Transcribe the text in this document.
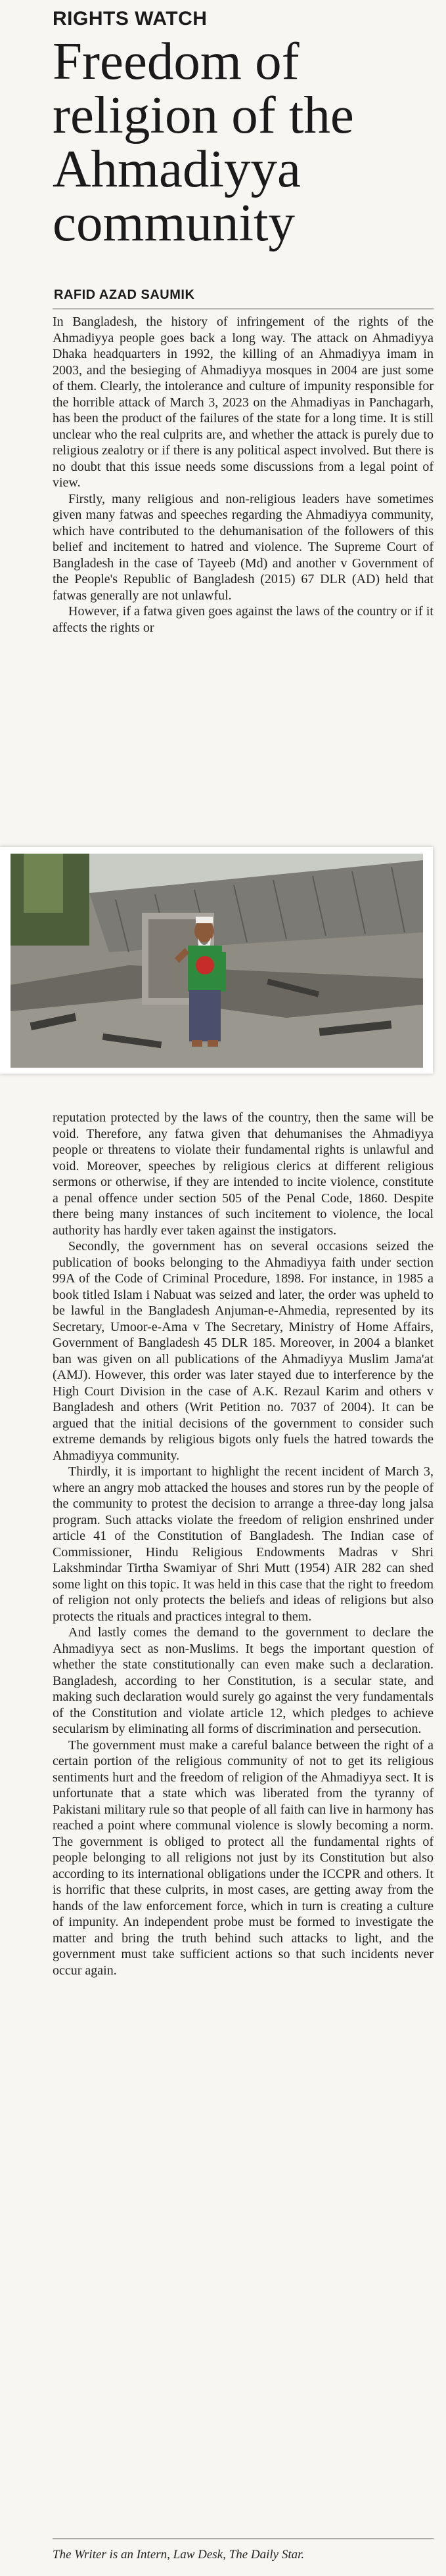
RIGHTS WATCH
Freedom of religion of the Ahmadiyya community
RAFID AZAD SAUMIK

In Bangladesh, the history of infringement of the rights of the Ahmadiyya people goes back a long way. The attack on Ahmadiyya Dhaka headquarters in 1992, the killing of an Ahmadiyya imam in 2003, and the besieging of Ahmadiyya mosques in 2004 are just some of them. Clearly, the intolerance and culture of impunity responsible for the horrible attack of March 3, 2023 on the Ahmadiyas in Panchagarh, has been the product of the failures of the state for a long time. It is still unclear who the real culprits are, and whether the attack is purely due to religious zealotry or if there is any political aspect involved. But there is no doubt that this issue needs some discussions from a legal point of view.

Firstly, many religious and non-religious leaders have sometimes given many fatwas and speeches regarding the Ahmadiyya community, which have contributed to the dehumanisation of the followers of this belief and incitement to hatred and violence. The Supreme Court of Bangladesh in the case of Tayeeb (Md) and another v Government of the People's Republic of Bangladesh (2015) 67 DLR (AD) held that fatwas generally are not unlawful.

However, if a fatwa given goes against the laws of the country or if it affects the rights or

reputation protected by the laws of the country, then the same will be void. Therefore, any fatwa given that dehumanises the Ahmadiyya people or threatens to violate their fundamental rights is unlawful and void. Moreover, speeches by religious clerics at different religious sermons or otherwise, if they are intended to incite violence, constitute a penal offence under section 505 of the Penal Code, 1860. Despite there being many instances of such incitement to violence, the local authority has hardly ever taken against the instigators.

Secondly, the government has on several occasions seized the publication of books belonging to the Ahmadiyya faith under section 99A of the Code of Criminal Procedure, 1898. For instance, in 1985 a book titled Islam i Nabuat was seized and later, the order was upheld to be lawful in the Bangladesh Anjuman-e-Ahmedia, represented by its Secretary, Umoor-e-Ama v The Secretary, Ministry of Home Affairs, Government of Bangladesh 45 DLR 185. Moreover, in 2004 a blanket ban was given on all publications of the Ahmadiyya Muslim Jama'at (AMJ). However, this order was later stayed due to interference by the High Court Division in the case of A.K. Rezaul Karim and others v Bangladesh and others (Writ Petition no. 7037 of 2004). It can be argued that the initial decisions of the government to consider such extreme demands by religious bigots only fuels the hatred towards the Ahmadiyya community.

Thirdly, it is important to highlight the recent incident of March 3, where an angry mob attacked the houses and stores run by the people of the community to protest the decision to arrange a three-day long jalsa program. Such attacks violate the freedom of religion enshrined under article 41 of the Constitution of Bangladesh. The Indian case of Commissioner, Hindu Religious Endowments Madras v Shri Lakshmindar Tirtha Swamiyar of Shri Mutt (1954) AIR 282 can shed some light on this topic. It was held in this case that the right to freedom of religion not only protects the beliefs and ideas of religions but also protects the rituals and practices integral to them.

And lastly comes the demand to the government to declare the Ahmadiyya sect as non-Muslims. It begs the important question of whether the state constitutionally can even make such a declaration. Bangladesh, according to her Constitution, is a secular state, and making such declaration would surely go against the very fundamentals of the Constitution and violate article 12, which pledges to achieve secularism by eliminating all forms of discrimination and persecution.

The government must make a careful balance between the right of a certain portion of the religious community of not to get its religious sentiments hurt and the freedom of religion of the Ahmadiyya sect. It is unfortunate that a state which was liberated from the tyranny of Pakistani military rule so that people of all faith can live in harmony has reached a point where communal violence is slowly becoming a norm. The government is obliged to protect all the fundamental rights of people belonging to all religions not just by its Constitution but also according to its international obligations under the ICCPR and others. It is horrific that these culprits, in most cases, are getting away from the hands of the law enforcement force, which in turn is creating a culture of impunity. An independent probe must be formed to investigate the matter and bring the truth behind such attacks to light, and the government must take sufficient actions so that such incidents never occur again.

The Writer is an Intern, Law Desk, The Daily Star.
